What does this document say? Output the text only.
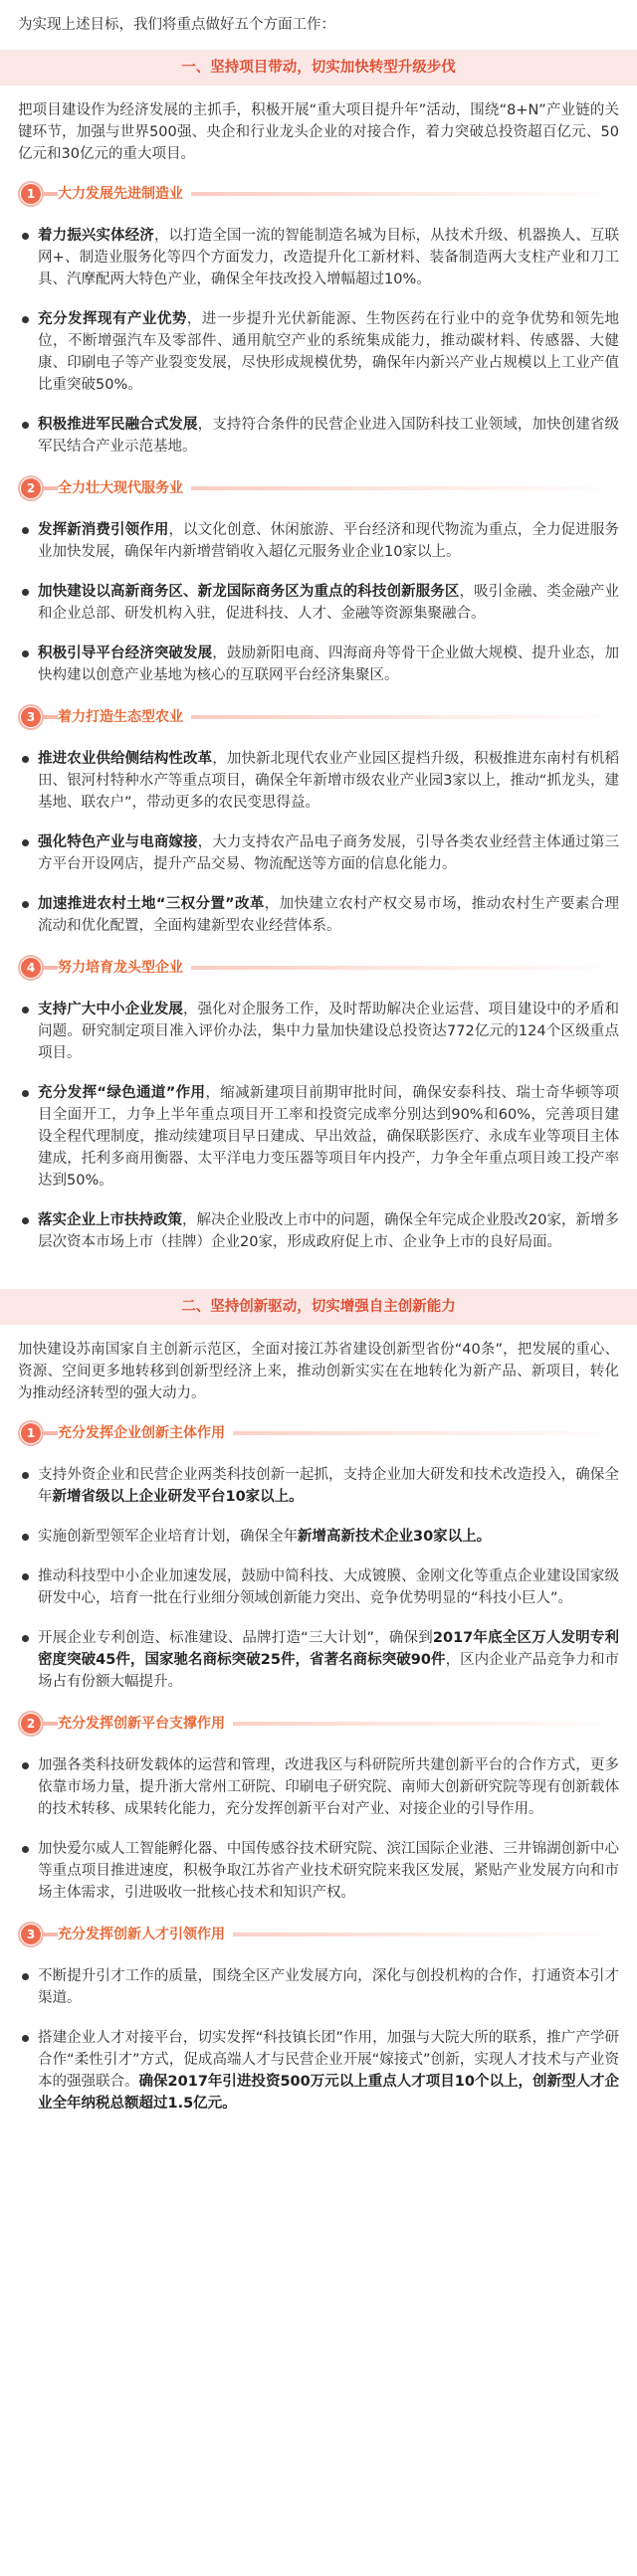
为实现上述目标，我们将重点做好五个方面工作：

一、坚持项目带动，切实加快转型升级步伐

把项目建设作为经济发展的主抓手，积极开展“重大项目提升年”活动，围绕“8+N”产业链的关键环节，加强与世界500强、央企和行业龙头企业的对接合作，着力突破总投资超百亿元、50亿元和30亿元的重大项目。

1	大力发展先进制造业
着力振兴实体经济，以打造全国一流的智能制造名城为目标，从技术升级、机器换人、互联网+、制造业服务化等四个方面发力，改造提升化工新材料、装备制造两大支柱产业和刀工具、汽摩配两大特色产业，确保全年技改投入增幅超过10%。
充分发挥现有产业优势，进一步提升光伏新能源、生物医药在行业中的竞争优势和领先地位，不断增强汽车及零部件、通用航空产业的系统集成能力，推动碳材料、传感器、大健康、印刷电子等产业裂变发展，尽快形成规模优势，确保年内新兴产业占规模以上工业产值比重突破50%。
积极推进军民融合式发展，支持符合条件的民营企业进入国防科技工业领域，加快创建省级军民结合产业示范基地。
2	全力壮大现代服务业
发挥新消费引领作用，以文化创意、休闲旅游、平台经济和现代物流为重点，全力促进服务业加快发展，确保年内新增营销收入超亿元服务业企业10家以上。
加快建设以高新商务区、新龙国际商务区为重点的科技创新服务区，吸引金融、类金融产业和企业总部、研发机构入驻，促进科技、人才、金融等资源集聚融合。
积极引导平台经济突破发展，鼓励新阳电商、四海商舟等骨干企业做大规模、提升业态，加快构建以创意产业基地为核心的互联网平台经济集聚区。
3	着力打造生态型农业
推进农业供给侧结构性改革，加快新北现代农业产业园区提档升级，积极推进东南村有机稻田、银河村特种水产等重点项目，确保全年新增市级农业产业园3家以上，推动“抓龙头，建基地、联农户”，带动更多的农民变思得益。
强化特色产业与电商嫁接，大力支持农产品电子商务发展，引导各类农业经营主体通过第三方平台开设网店，提升产品交易、物流配送等方面的信息化能力。
加速推进农村土地“三权分置”改革，加快建立农村产权交易市场，推动农村生产要素合理流动和优化配置，全面构建新型农业经营体系。
4	努力培育龙头型企业
支持广大中小企业发展，强化对企服务工作，及时帮助解决企业运营、项目建设中的矛盾和问题。研究制定项目准入评价办法，集中力量加快建设总投资达772亿元的124个区级重点项目。
充分发挥“绿色通道”作用，缩减新建项目前期审批时间，确保安泰科技、瑞士奇华顿等项目全面开工，力争上半年重点项目开工率和投资完成率分别达到90%和60%，完善项目建设全程代理制度，推动续建项目早日建成、早出效益，确保联影医疗、永成车业等项目主体建成，托利多商用衡器、太平洋电力变压器等项目年内投产，力争全年重点项目竣工投产率达到50%。
落实企业上市扶持政策，解决企业股改上市中的问题，确保全年完成企业股改20家，新增多层次资本市场上市（挂牌）企业20家，形成政府促上市、企业争上市的良好局面。
二、坚持创新驱动，切实增强自主创新能力

加快建设苏南国家自主创新示范区，全面对接江苏省建设创新型省份“40条”，把发展的重心、资源、空间更多地转移到创新型经济上来，推动创新实实在在地转化为新产品、新项目，转化为推动经济转型的强大动力。

1	充分发挥企业创新主体作用
支持外资企业和民营企业两类科技创新一起抓，支持企业加大研发和技术改造投入，确保全年新增省级以上企业研发平台10家以上。
实施创新型领军企业培育计划，确保全年新增高新技术企业30家以上。
推动科技型中小企业加速发展，鼓励中简科技、大成镀膜、金刚文化等重点企业建设国家级研发中心，培育一批在行业细分领域创新能力突出、竞争优势明显的“科技小巨人”。
开展企业专利创造、标准建设、品牌打造“三大计划”，确保到2017年底全区万人发明专利密度突破45件，国家驰名商标突破25件，省著名商标突破90件，区内企业产品竞争力和市场占有份额大幅提升。
2	充分发挥创新平台支撑作用
加强各类科技研发载体的运营和管理，改进我区与科研院所共建创新平台的合作方式，更多依靠市场力量，提升浙大常州工研院、印刷电子研究院、南师大创新研究院等现有创新载体的技术转移、成果转化能力，充分发挥创新平台对产业、对接企业的引导作用。
加快爱尔威人工智能孵化器、中国传感谷技术研究院、滨江国际企业港、三井锦湖创新中心等重点项目推进速度，积极争取江苏省产业技术研究院来我区发展，紧贴产业发展方向和市场主体需求，引进吸收一批核心技术和知识产权。
3	充分发挥创新人才引领作用
不断提升引才工作的质量，围绕全区产业发展方向，深化与创投机构的合作，打通资本引才渠道。
搭建企业人才对接平台，切实发挥“科技镇长团”作用，加强与大院大所的联系，推广产学研合作“柔性引才”方式，促成高端人才与民营企业开展“嫁接式”创新，实现人才技术与产业资本的强强联合。确保2017年引进投资500万元以上重点人才项目10个以上，创新型人才企业全年纳税总额超过1.5亿元。
